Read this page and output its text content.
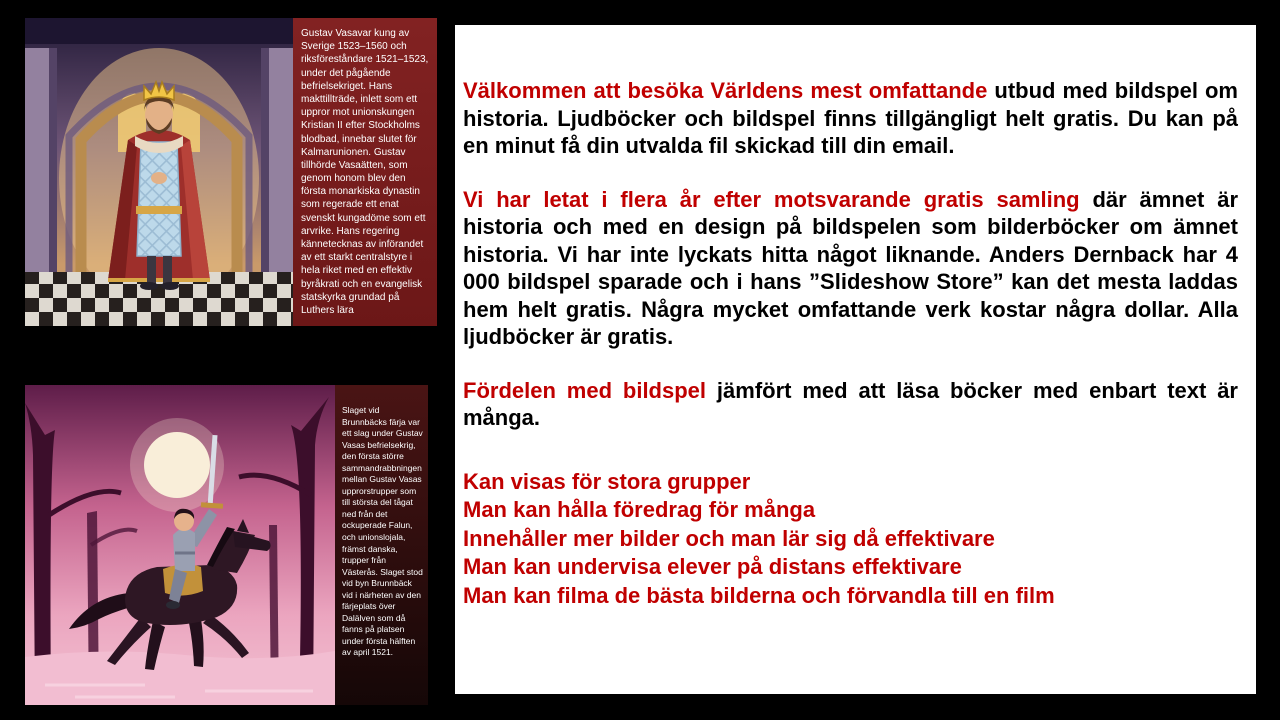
Gustav Vasavar kung av Sverige 1523–1560 och riksföreståndare 1521–1523, under det pågående befrielsekriget. Hans makttillträde, inlett som ett uppror mot unionskungen Kristian II efter Stockholms blodbad, innebar slutet för Kalmarunionen. Gustav tillhörde Vasaätten, som genom honom blev den första monarkiska dynastin som regerade ett enat svenskt kungadöme som ett arvrike. Hans regering kännetecknas av införandet av ett starkt centralstyre i hela riket med en effektiv byråkrati och en evangelisk statskyrka grundad på Luthers lära
Slaget vid Brunnbäcks färja var ett slag under Gustav Vasas befrielsekrig, den första större sammandrabbningen mellan Gustav Vasas upprorstrupper som till största del tågat ned från det ockuperade Falun, och unionslojala, främst danska, trupper från Västerås. Slaget stod vid byn Brunnbäck vid i närheten av den färjeplats över Dalälven som då fanns på platsen under första hälften av april 1521.

Välkommen att besöka Världens mest omfattande utbud med bildspel om historia. Ljudböcker och bildspel finns tillgängligt helt gratis. Du kan på en minut få din utvalda fil skickad till din email.

Vi har letat i flera år efter motsvarande gratis samling där ämnet är historia och med en design på bildspelen som bilderböcker om ämnet historia. Vi har inte lyckats hitta något liknande. Anders Dernback har 4 000 bildspel sparade och i hans ”Slideshow Store” kan det mesta laddas hem helt gratis. Några mycket omfattande verk kostar några dollar. Alla ljudböcker är gratis.

Fördelen med bildspel jämfört med att läsa böcker med enbart text är många.

Kan visas för stora grupper
Man kan hålla föredrag för många
Innehåller mer bilder och man lär sig då effektivare
Man kan undervisa elever på distans effektivare
Man kan filma de bästa bilderna och förvandla till en film
